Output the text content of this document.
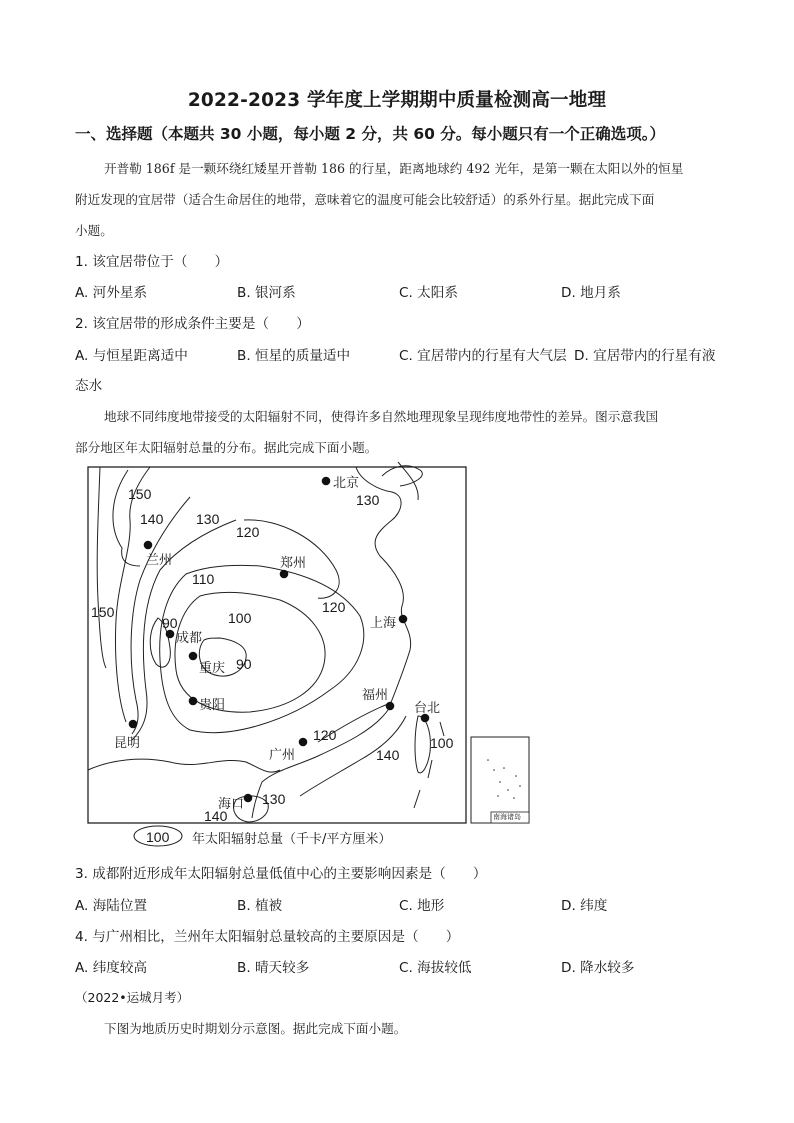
2022-2023 学年度上学期期中质量检测高一地理
一、选择题（本题共 30 小题，每小题 2 分，共 60 分。每小题只有一个正确选项。）
开普勒 186f 是一颗环绕红矮星开普勒 186 的行星，距离地球约 492 光年，是第一颗在太阳以外的恒星
附近发现的宜居带（适合生命居住的地带，意味着它的温度可能会比较舒适）的系外行星。据此完成下面
小题。
1. 该宜居带位于（　　）
A. 河外星系	B. 银河系	C. 太阳系	D. 地月系
2. 该宜居带的形成条件主要是（　　）
A. 与恒星距离适中	B. 恒星的质量适中	C. 宜居带内的行星有大气层 D. 宜居带内的行星有液
态水
地球不同纬度地带接受的太阳辐射不同，使得许多自然地理现象呈现纬度地带性的差异。图示意我国
部分地区年太阳辐射总量的分布。据此完成下面小题。
150
140 130
130
120
110
150	100
90
90
120
120
140
100
130
140
北京
兰州	郑州
上海
成都
重庆
贵阳
昆明
福州
台北
广州
海口
南海诸岛
100 年太阳辐射总量（千卡/平方厘米）
3. 成都附近形成年太阳辐射总量低值中心的主要影响因素是（　　）
A. 海陆位置	B. 植被	C. 地形	D. 纬度
4. 与广州相比，兰州年太阳辐射总量较高的主要原因是（　　）
A. 纬度较高	B. 晴天较多	C. 海拔较低	D. 降水较多
（2022•运城月考）
下图为地质历史时期划分示意图。据此完成下面小题。
